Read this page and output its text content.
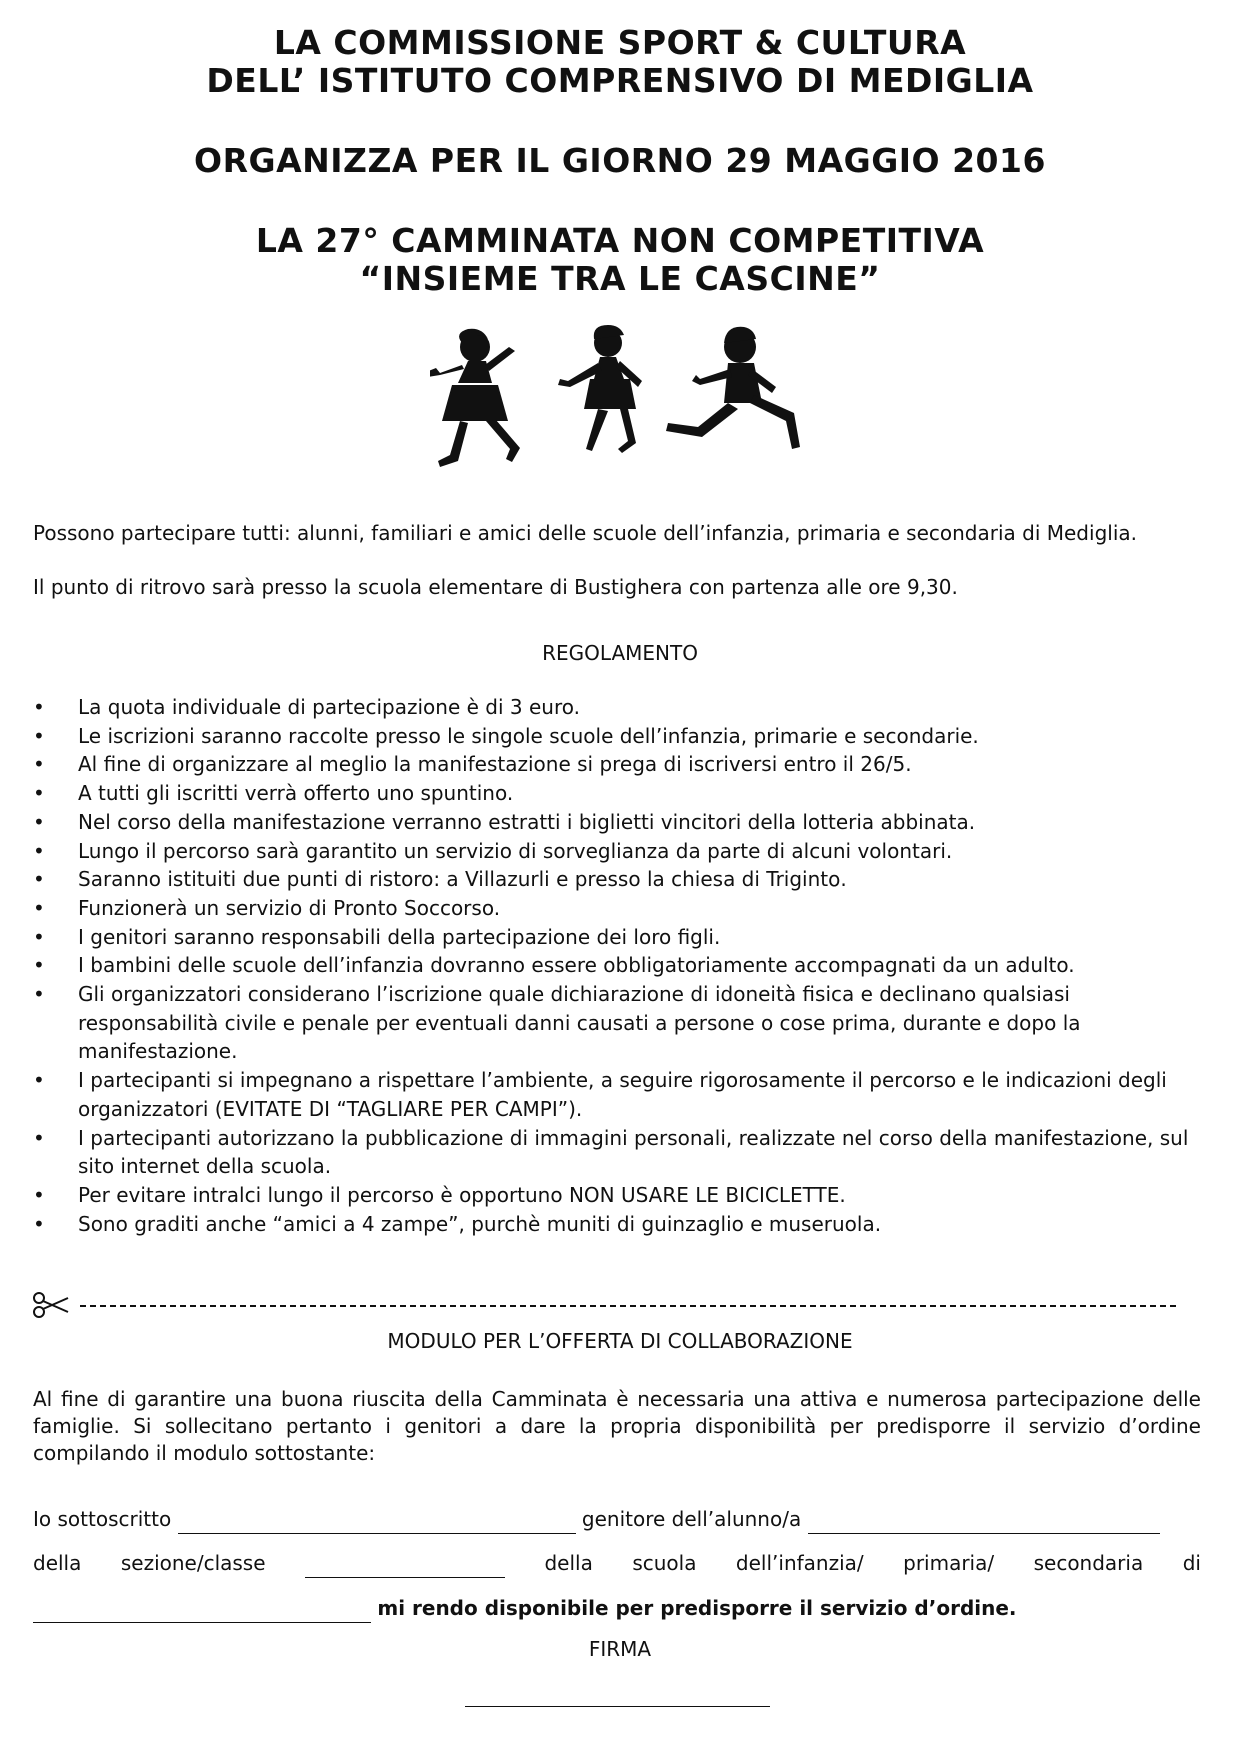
LA COMMISSIONE SPORT & CULTURA
DELL’ ISTITUTO COMPRENSIVO DI MEDIGLIA
ORGANIZZA PER IL GIORNO 29 MAGGIO 2016
LA 27° CAMMINATA NON COMPETITIVA
“INSIEME TRA LE CASCINE”
Possono partecipare tutti: alunni, familiari e amici delle scuole dell’infanzia, primaria e secondaria di Mediglia.
Il punto di ritrovo sarà presso la scuola elementare di Bustighera con partenza alle ore 9,30.
REGOLAMENTO
• La quota individuale di partecipazione è di 3 euro.
• Le iscrizioni saranno raccolte presso le singole scuole dell’infanzia, primarie e secondarie.
• Al fine di organizzare al meglio la manifestazione si prega di iscriversi entro il 26/5.
• A tutti gli iscritti verrà offerto uno spuntino.
• Nel corso della manifestazione verranno estratti i biglietti vincitori della lotteria abbinata.
• Lungo il percorso sarà garantito un servizio di sorveglianza da parte di alcuni volontari.
• Saranno istituiti due punti di ristoro: a Villazurli e presso la chiesa di Trigintο.
• Funzionerà un servizio di Pronto Soccorso.
• I genitori saranno responsabili della partecipazione dei loro figli.
• I bambini delle scuole dell’infanzia dovranno essere obbligatoriamente accompagnati da un adulto.
• Gli organizzatori considerano l’iscrizione quale dichiarazione di idoneità fisica e declinano qualsiasi responsabilità civile e penale per eventuali danni causati a persone o cose prima, durante e dopo la manifestazione.
• I partecipanti si impegnano a rispettare l’ambiente, a seguire rigorosamente il percorso e le indicazioni degli organizzatori (EVITATE DI “TAGLIARE PER CAMPI”).
• I partecipanti autorizzano la pubblicazione di immagini personali, realizzate nel corso della manifestazione, sul sito internet della scuola.
• Per evitare intralci lungo il percorso è opportuno NON USARE LE BICICLETTE.
• Sono graditi anche “amici a 4 zampe”, purchè muniti di guinzaglio e museruola.
MODULO PER L’OFFERTA DI COLLABORAZIONE
Al fine di garantire una buona riuscita della Camminata è necessaria una attiva e numerosa partecipazione delle famiglie. Si sollecitano pertanto i genitori a dare la propria disponibilità per predisporre il servizio d’ordine compilando il modulo sottostante:
Io sottoscritto	genitore dell’alunno/a
della sezione/classe
	della scuola dell’infanzia/ primaria/ secondaria di
mi rendo disponibile per predisporre il servizio d’ordine.
FIRMA
